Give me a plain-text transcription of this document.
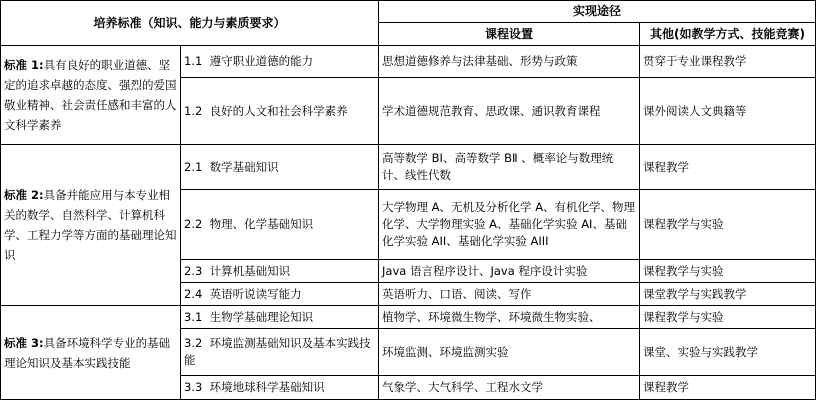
培养标准（知识、能力与素质要求）		实现途径	
		课程设置	其他(如教学方式、技能竞赛)
标准 1:具有良好的职业道德、坚定的追求卓越的态度、强烈的爱国敬业精神、社会责任感和丰富的人文科学素养	1.1 遵守职业道德的能力	思想道德修养与法律基础、形势与政策	贯穿于专业课程教学
	1.2 良好的人文和社会科学素养	学术道德规范教育、思政课、通识教育课程	课外阅读人文典籍等
标准 2:具备并能应用与本专业相关的数学、自然科学、计算机科学、工程力学等方面的基础理论知识	2.1 数学基础知识	高等数学 BI、高等数学 BⅡ 、概率论与数理统计、线性代数	课程教学
	2.2 物理、化学基础知识	大学物理 A、无机及分析化学 A、有机化学、物理化学、大学物理实验 A、基础化学实验 AI、基础化学实验 AII、基础化学实验 AIII	课程教学与实验
	2.3 计算机基础知识	Java 语言程序设计、Java 程序设计实验	课程教学与实验
	2.4 英语听说读写能力	英语听力、口语、阅读、写作	课堂教学与实践教学
标准 3:具备环境科学专业的基础理论知识及基本实践技能	3.1 生物学基础理论知识	植物学、环境微生物学、环境微生物实验、	课程教学与实验
	3.2 环境监测基础知识及基本实践技能	环境监测、环境监测实验	课堂、实验与实践教学
	3.3 环境地球科学基础知识	气象学、大气科学、工程水文学	课程教学
